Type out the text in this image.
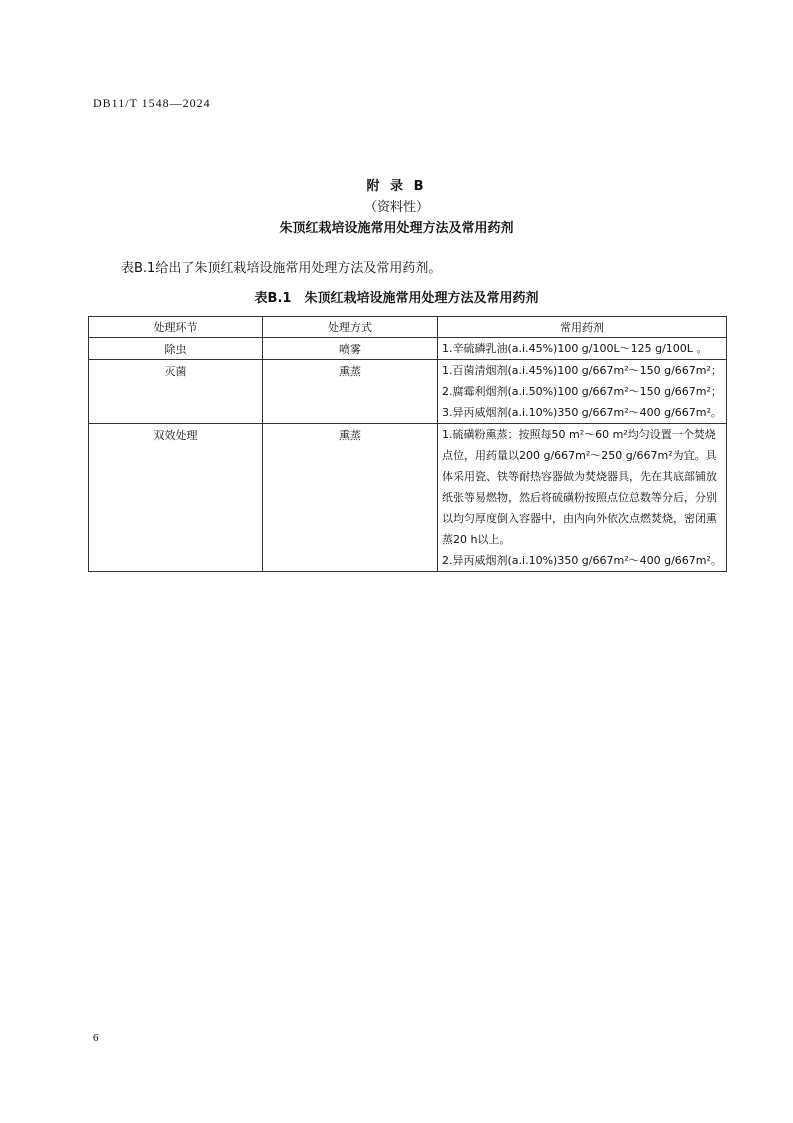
DB11/T 1548—2024
附 录 B
（资料性）
朱顶红栽培设施常用处理方法及常用药剂
表B.1给出了朱顶红栽培设施常用处理方法及常用药剂。
表B.1　朱顶红栽培设施常用处理方法及常用药剂
处理环节	处理方式	常用药剂
除虫	喷雾	1.辛硫磷乳油(a.i.45%)100 g/100L～125 g/100L 。

灭菌	熏蒸	1.百菌清烟剂(a.i.45%)100 g/667m²～150 g/667m²；
2.腐霉利烟剂(a.i.50%)100 g/667m²～150 g/667m²；
3.异丙威烟剂(a.i.10%)350 g/667m²～400 g/667m²。

双效处理	熏蒸	1.硫磺粉熏蒸：按照每50 m²～60 m²均匀设置一个焚烧点位，用药量以200 g/667m²～250 g/667m²为宜。具体采用瓷、铁等耐热容器做为焚烧器具，先在其底部铺放纸张等易燃物，然后将硫磺粉按照点位总数等分后，分别以均匀厚度倒入容器中，由内向外依次点燃焚烧，密闭熏蒸20 h以上。
2.异丙威烟剂(a.i.10%)350 g/667m²～400 g/667m²。
6
